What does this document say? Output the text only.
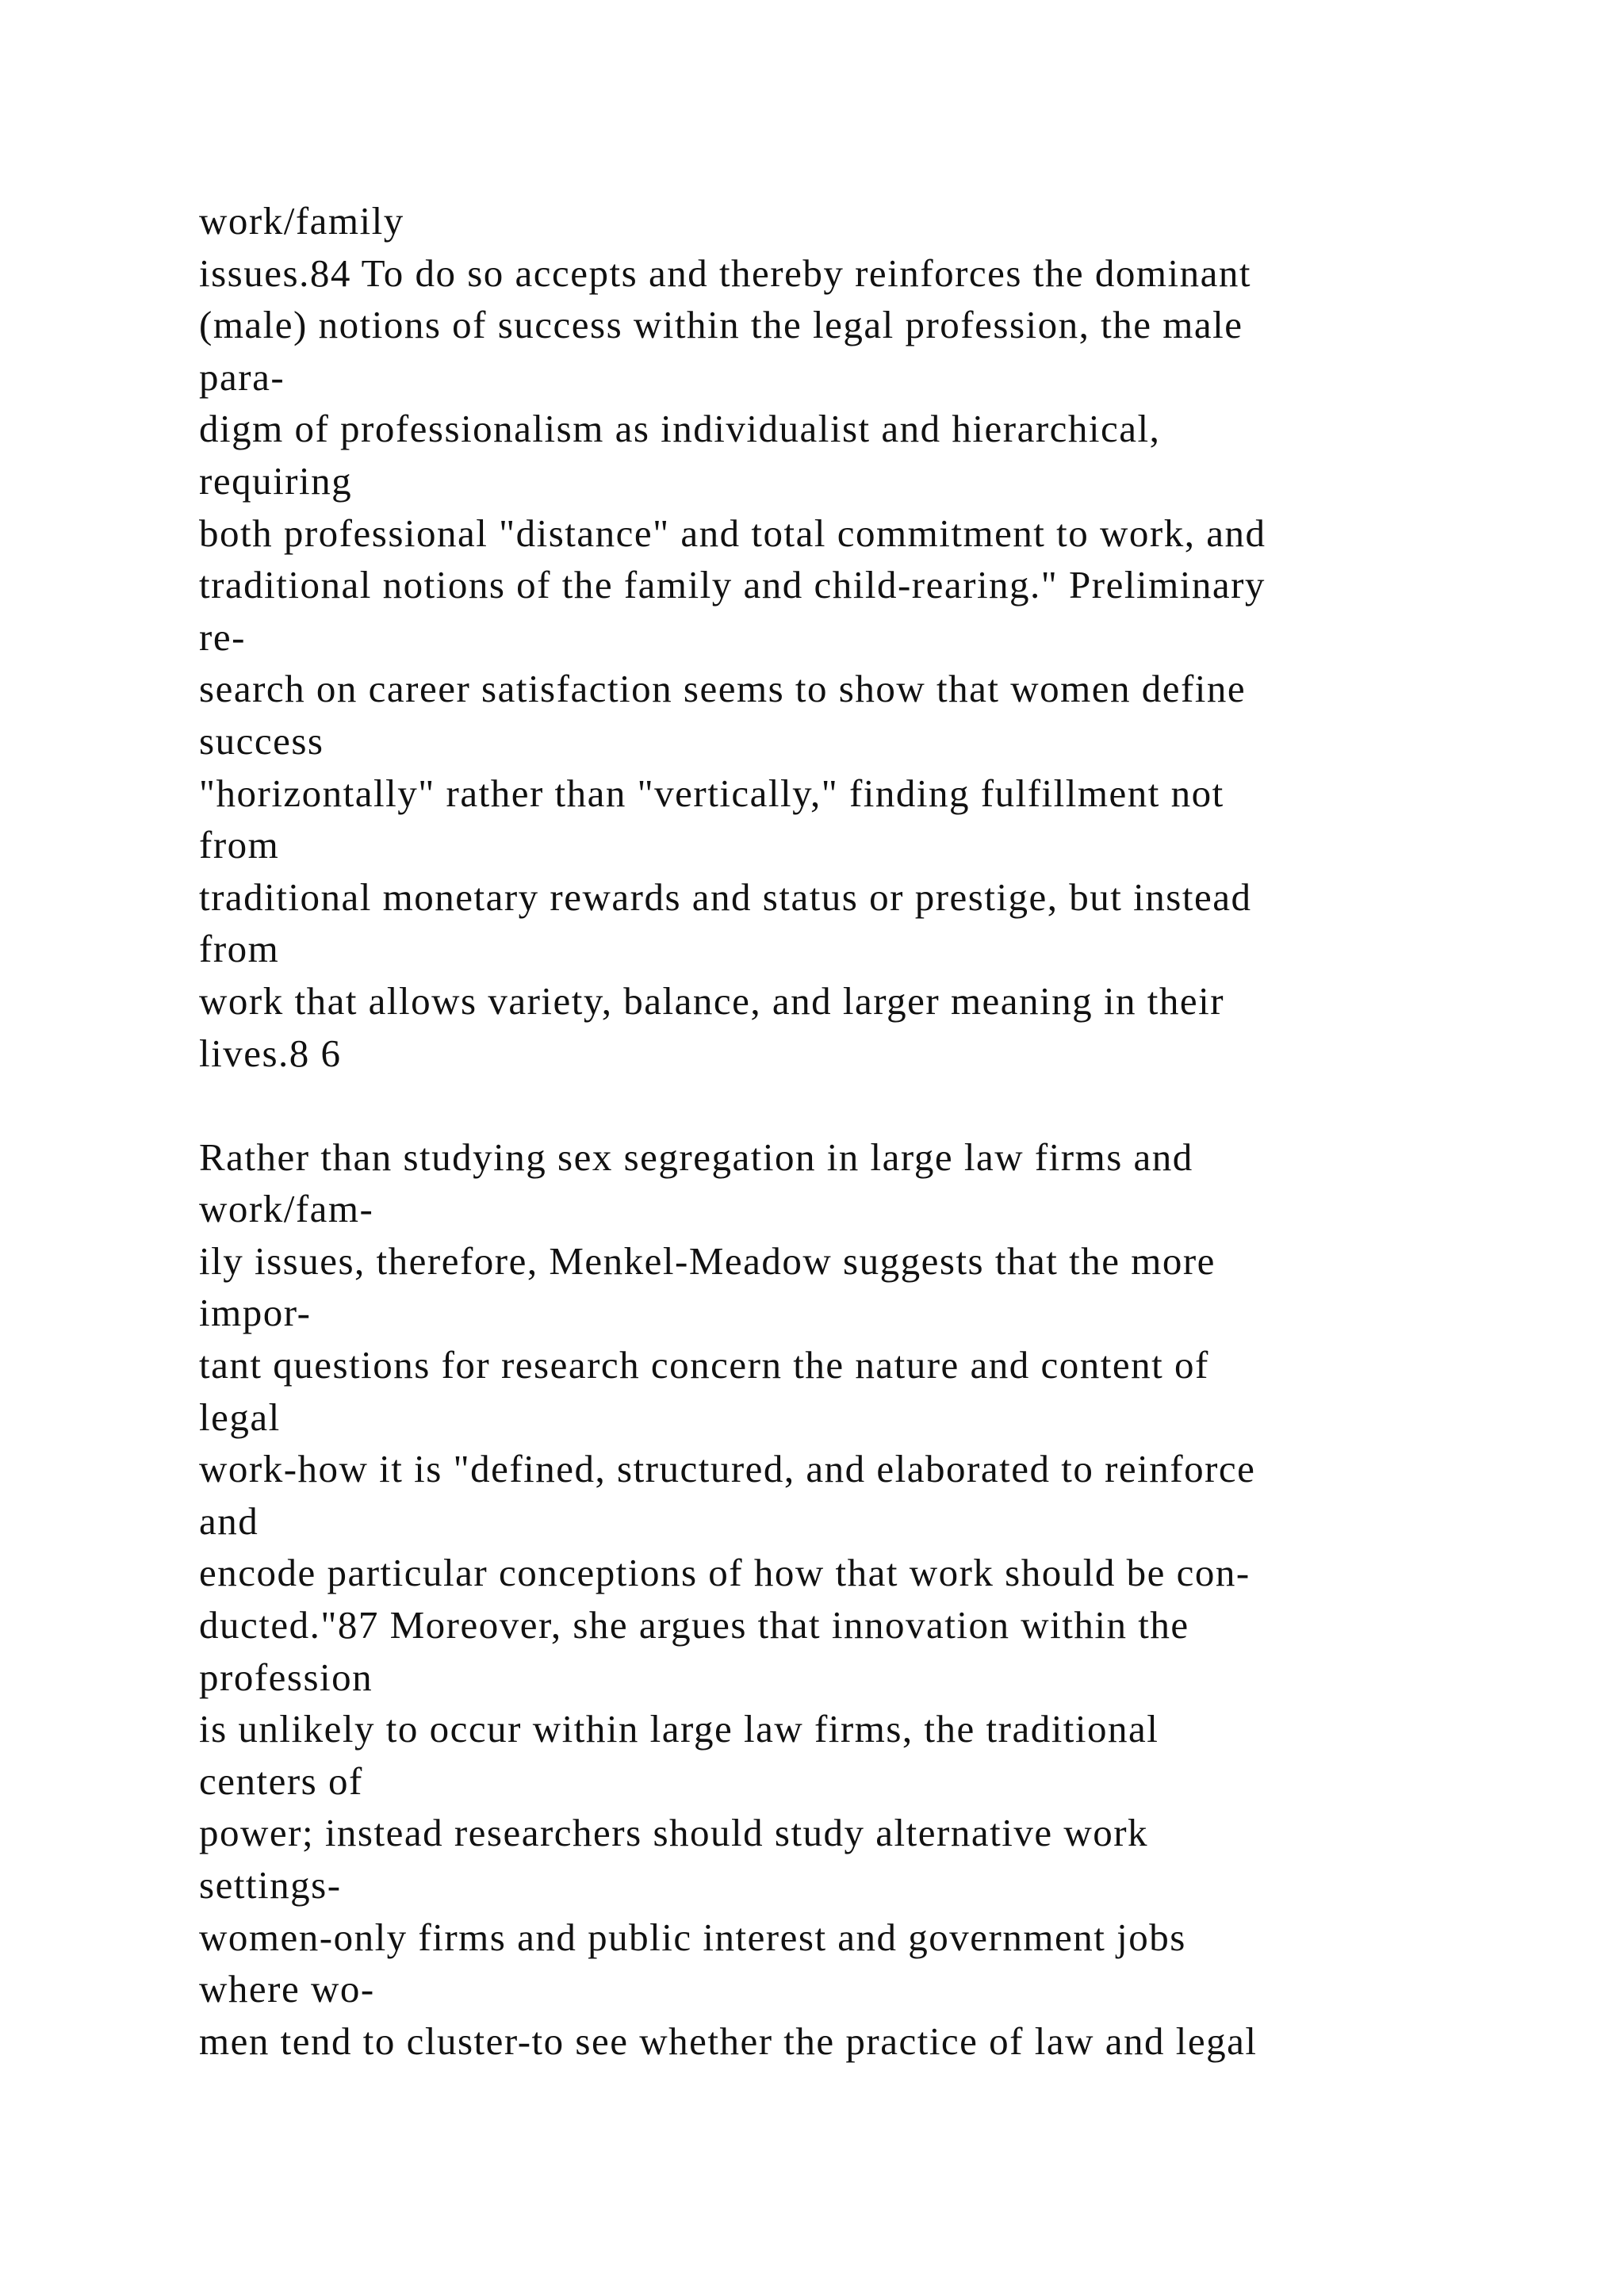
work/family
issues.84 To do so accepts and thereby reinforces the dominant
(male) notions of success within the legal profession, the male
para-
digm of professionalism as individualist and hierarchical,
requiring
both professional "distance" and total commitment to work, and
traditional notions of the family and child-rearing." Preliminary
re-
search on career satisfaction seems to show that women define
success
"horizontally" rather than "vertically," finding fulfillment not
from
traditional monetary rewards and status or prestige, but instead
from
work that allows variety, balance, and larger meaning in their
lives.8 6
Rather than studying sex segregation in large law firms and
work/fam-
ily issues, therefore, Menkel-Meadow suggests that the more
impor-
tant questions for research concern the nature and content of
legal
work-how it is "defined, structured, and elaborated to reinforce
and
encode particular conceptions of how that work should be con-
ducted."87 Moreover, she argues that innovation within the
profession
is unlikely to occur within large law firms, the traditional
centers of
power; instead researchers should study alternative work
settings-
women-only firms and public interest and government jobs
where wo-
men tend to cluster-to see whether the practice of law and legal
